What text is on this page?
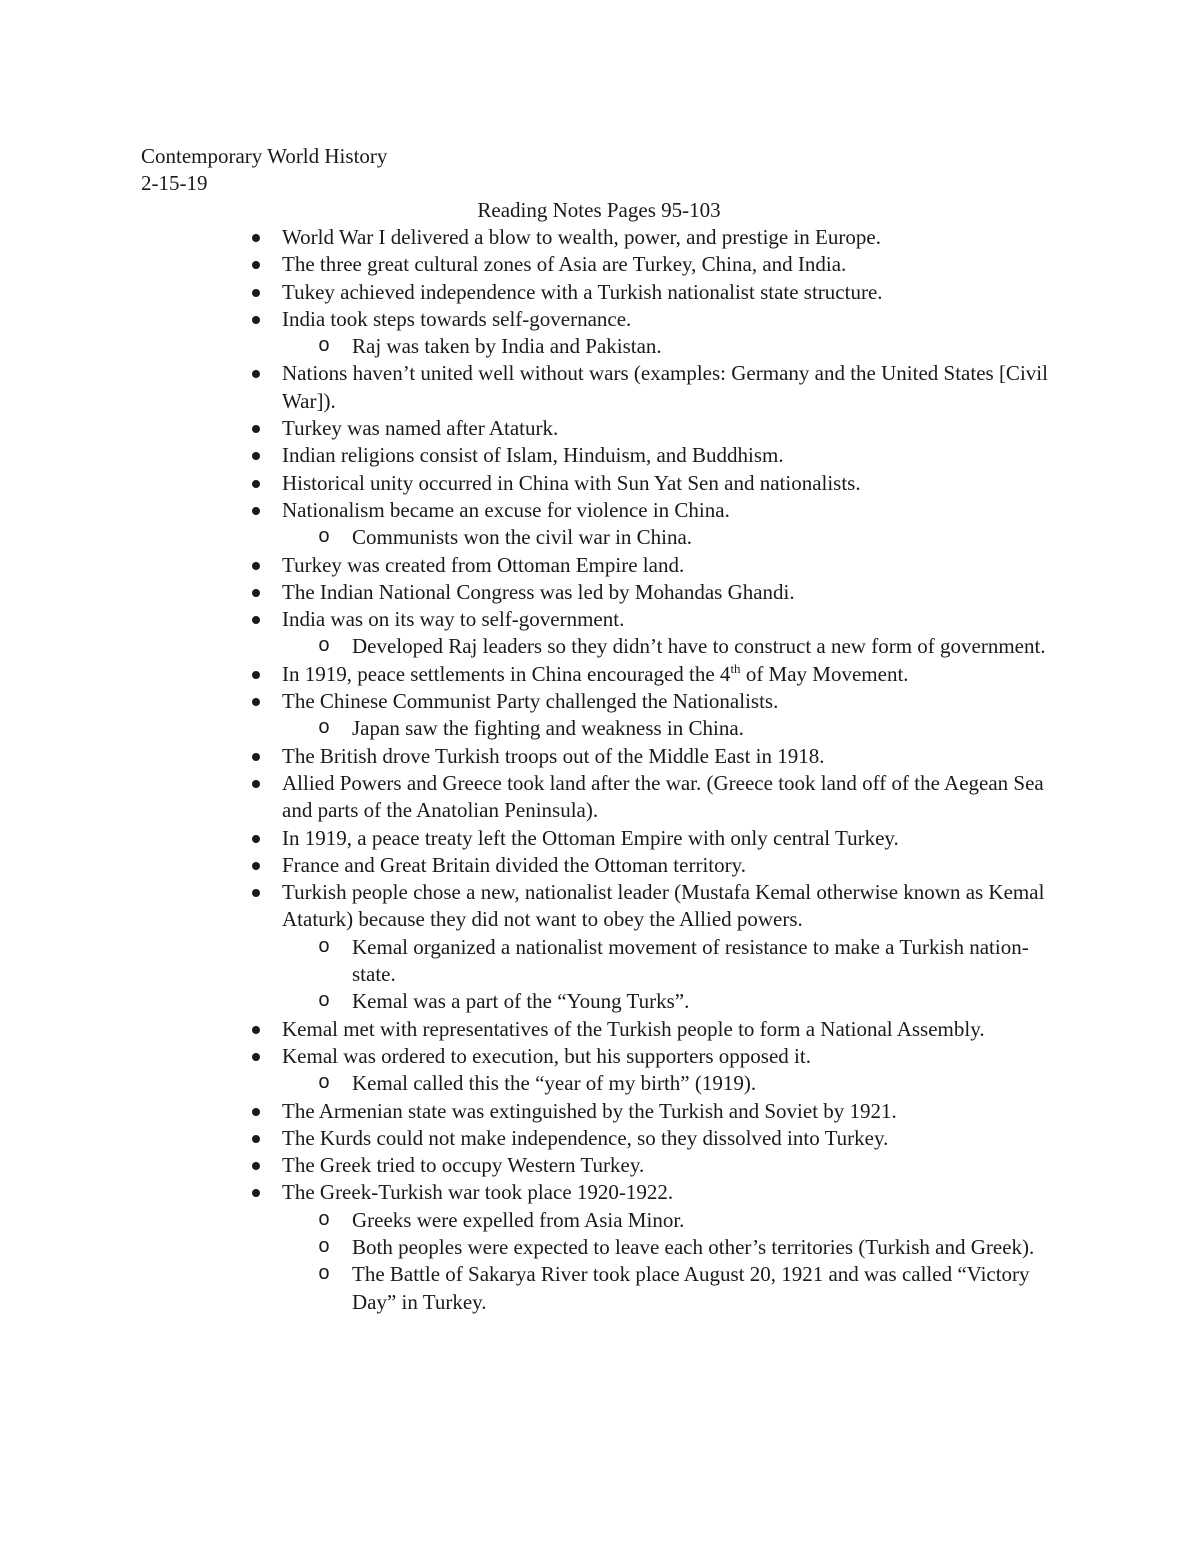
Contemporary World History
2-15-19
Reading Notes Pages 95-103
World War I delivered a blow to wealth, power, and prestige in Europe.
The three great cultural zones of Asia are Turkey, China, and India.
Tukey achieved independence with a Turkish nationalist state structure.
India took steps towards self-governance.
o Raj was taken by India and Pakistan.
Nations haven’t united well without wars (examples: Germany and the United States [Civil War]).
Turkey was named after Ataturk.
Indian religions consist of Islam, Hinduism, and Buddhism.
Historical unity occurred in China with Sun Yat Sen and nationalists.
Nationalism became an excuse for violence in China.
o Communists won the civil war in China.
Turkey was created from Ottoman Empire land.
The Indian National Congress was led by Mohandas Ghandi.
India was on its way to self-government.
o Developed Raj leaders so they didn’t have to construct a new form of government.
In 1919, peace settlements in China encouraged the 4th of May Movement.
The Chinese Communist Party challenged the Nationalists.
o Japan saw the fighting and weakness in China.
The British drove Turkish troops out of the Middle East in 1918.
Allied Powers and Greece took land after the war. (Greece took land off of the Aegean Sea and parts of the Anatolian Peninsula).
In 1919, a peace treaty left the Ottoman Empire with only central Turkey.
France and Great Britain divided the Ottoman territory.
Turkish people chose a new, nationalist leader (Mustafa Kemal otherwise known as Kemal Ataturk) because they did not want to obey the Allied powers.
o Kemal organized a nationalist movement of resistance to make a Turkish nation-state.
o Kemal was a part of the “Young Turks”.
Kemal met with representatives of the Turkish people to form a National Assembly.
Kemal was ordered to execution, but his supporters opposed it.
o Kemal called this the “year of my birth” (1919).
The Armenian state was extinguished by the Turkish and Soviet by 1921.
The Kurds could not make independence, so they dissolved into Turkey.
The Greek tried to occupy Western Turkey.
The Greek-Turkish war took place 1920-1922.
o Greeks were expelled from Asia Minor.
o Both peoples were expected to leave each other’s territories (Turkish and Greek).
o The Battle of Sakarya River took place August 20, 1921 and was called “Victory Day” in Turkey.
